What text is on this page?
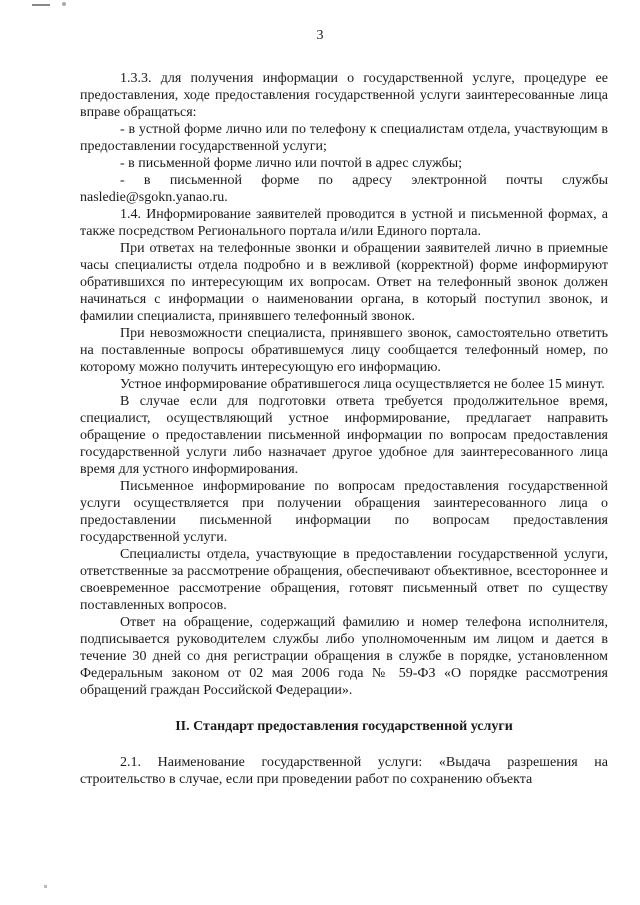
3

1.3.3. для получения информации о государственной услуге, процедуре ее предоставления, ходе предоставления государственной услуги заинтересованные лица вправе обращаться:

- в устной форме лично или по телефону к специалистам отдела, участвующим в предоставлении государственной услуги;

- в письменной форме лично или почтой в адрес службы;

- в письменной форме по адресу электронной почты службы nasledie@sgokn.yanao.ru.

1.4. Информирование заявителей проводится в устной и письменной формах, а также посредством Регионального портала и/или Единого портала.

При ответах на телефонные звонки и обращении заявителей лично в приемные часы специалисты отдела подробно и в вежливой (корректной) форме информируют обратившихся по интересующим их вопросам. Ответ на телефонный звонок должен начинаться с информации о наименовании органа, в который поступил звонок, и фамилии специалиста, принявшего телефонный звонок.

При невозможности специалиста, принявшего звонок, самостоятельно ответить на поставленные вопросы обратившемуся лицу сообщается телефонный номер, по которому можно получить интересующую его информацию.

Устное информирование обратившегося лица осуществляется не более 15 минут.

В случае если для подготовки ответа требуется продолжительное время, специалист, осуществляющий устное информирование, предлагает направить обращение о предоставлении письменной информации по вопросам предоставления государственной услуги либо назначает другое удобное для заинтересованного лица время для устного информирования.

Письменное информирование по вопросам предоставления государственной услуги осуществляется при получении обращения заинтересованного лица о предоставлении письменной информации по вопросам предоставления государственной услуги.

Специалисты отдела, участвующие в предоставлении государственной услуги, ответственные за рассмотрение обращения, обеспечивают объективное, всестороннее и своевременное рассмотрение обращения, готовят письменный ответ по существу поставленных вопросов.

Ответ на обращение, содержащий фамилию и номер телефона исполнителя, подписывается руководителем службы либо уполномоченным им лицом и дается в течение 30 дней со дня регистрации обращения в службе в порядке, установленном Федеральным законом от 02 мая 2006 года № 59-ФЗ «О порядке рассмотрения обращений граждан Российской Федерации».

II. Стандарт предоставления государственной услуги

2.1. Наименование государственной услуги: «Выдача разрешения на строительство в случае, если при проведении работ по сохранению объекта
